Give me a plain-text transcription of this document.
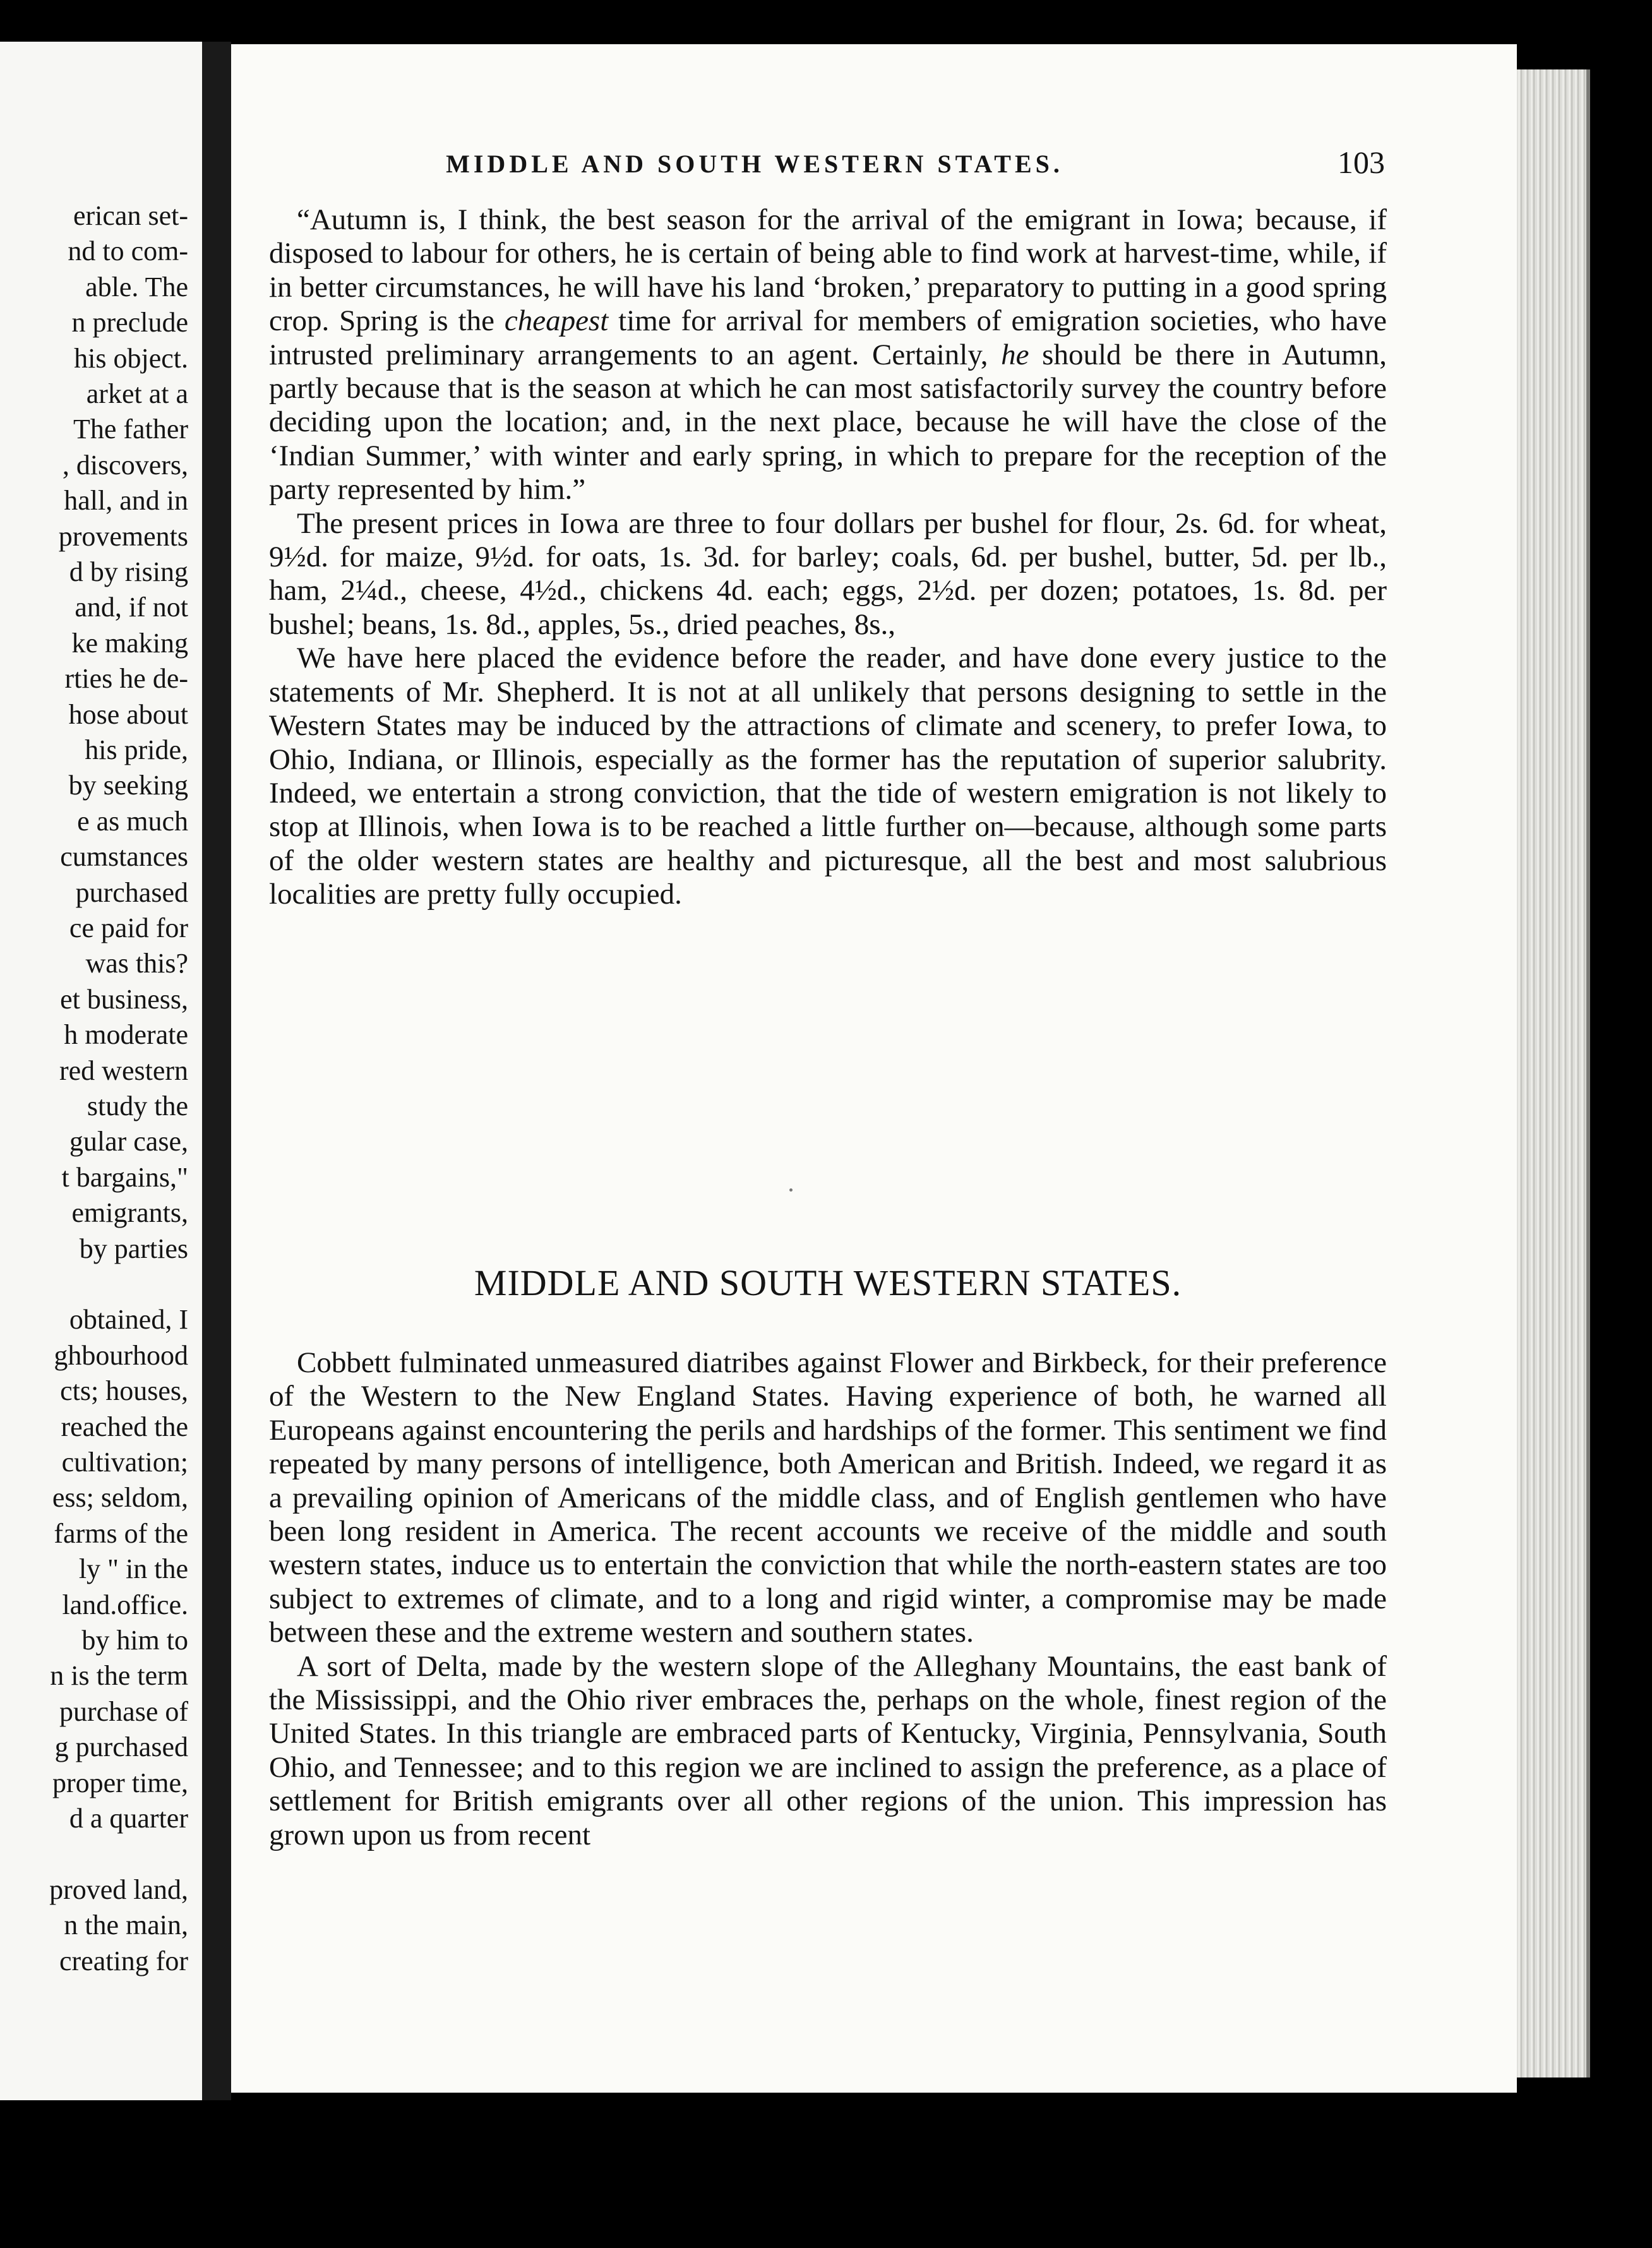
erican set-
nd to com-
able. The
n preclude
his object.
arket at a
The father
, discovers,
hall, and in
provements
d by rising
and, if not
ke making
rties he de-
hose about
his pride,
by seeking
e as much
cumstances
purchased
ce paid for
was this?
et business,
h moderate
red western
study the
gular case,
t bargains,"
emigrants,
by parties
obtained, I
ghbourhood
cts; houses,
reached the
cultivation;
ess; seldom,
farms of the
ly " in the
land.office.
by him to
n is the term
purchase of
g purchased
proper time,
d a quarter
proved land,
n the main,
creating for
MIDDLE AND SOUTH WESTERN STATES.	103

“Autumn is, I think, the best season for the arrival of the emigrant in Iowa; because, if disposed to labour for others, he is certain of being able to find work at harvest-time, while, if in better circumstances, he will have his land ‘broken,’ preparatory to putting in a good spring crop. Spring is the cheapest time for arrival for members of emigration societies, who have intrusted preliminary arrangements to an agent. Certainly, he should be there in Autumn, partly because that is the season at which he can most satisfactorily survey the country before deciding upon the location; and, in the next place, because he will have the close of the ‘Indian Summer,’ with winter and early spring, in which to prepare for the reception of the party represented by him.”

The present prices in Iowa are three to four dollars per bushel for flour, 2s. 6d. for wheat, 9½d. for maize, 9½d. for oats, 1s. 3d. for barley; coals, 6d. per bushel, butter, 5d. per lb., ham, 2¼d., cheese, 4½d., chickens 4d. each; eggs, 2½d. per dozen; potatoes, 1s. 8d. per bushel; beans, 1s. 8d., apples, 5s., dried peaches, 8s.,

We have here placed the evidence before the reader, and have done every justice to the statements of Mr. Shepherd. It is not at all unlikely that persons designing to settle in the Western States may be induced by the attractions of climate and scenery, to prefer Iowa, to Ohio, Indiana, or Illinois, especially as the former has the reputation of superior salubrity. Indeed, we entertain a strong conviction, that the tide of western emigration is not likely to stop at Illinois, when Iowa is to be reached a little further on—because, although some parts of the older western states are healthy and picturesque, all the best and most salubrious localities are pretty fully occupied.

MIDDLE AND SOUTH WESTERN STATES.

Cobbett fulminated unmeasured diatribes against Flower and Birkbeck, for their preference of the Western to the New England States. Having experience of both, he warned all Europeans against encountering the perils and hardships of the former. This sentiment we find repeated by many persons of intelligence, both American and British. Indeed, we regard it as a prevailing opinion of Americans of the middle class, and of English gentlemen who have been long resident in America. The recent accounts we receive of the middle and south western states, induce us to entertain the conviction that while the north-eastern states are too subject to extremes of climate, and to a long and rigid winter, a compromise may be made between these and the extreme western and southern states.

A sort of Delta, made by the western slope of the Alleghany Mountains, the east bank of the Mississippi, and the Ohio river embraces the, perhaps on the whole, finest region of the United States. In this triangle are embraced parts of Kentucky, Virginia, Pennsylvania, South Ohio, and Tennessee; and to this region we are inclined to assign the preference, as a place of settlement for British emigrants over all other regions of the union. This impression has grown upon us from recent
